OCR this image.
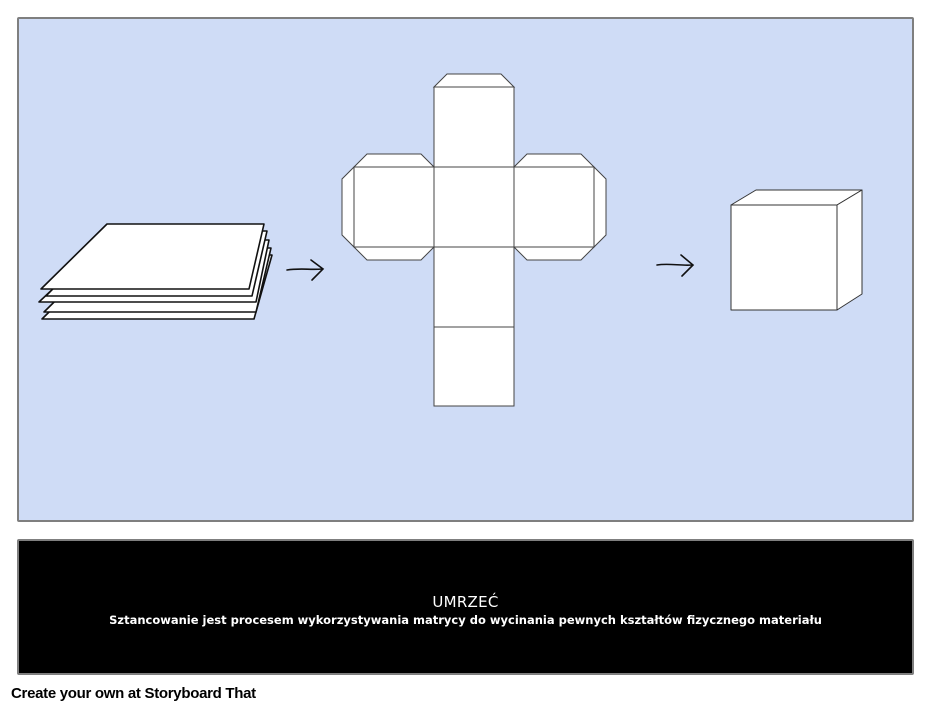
UMRZEĆ
Sztancowanie jest procesem wykorzystywania matrycy do wycinania pewnych kształtów fizycznego materiału
Create your own at Storyboard That
